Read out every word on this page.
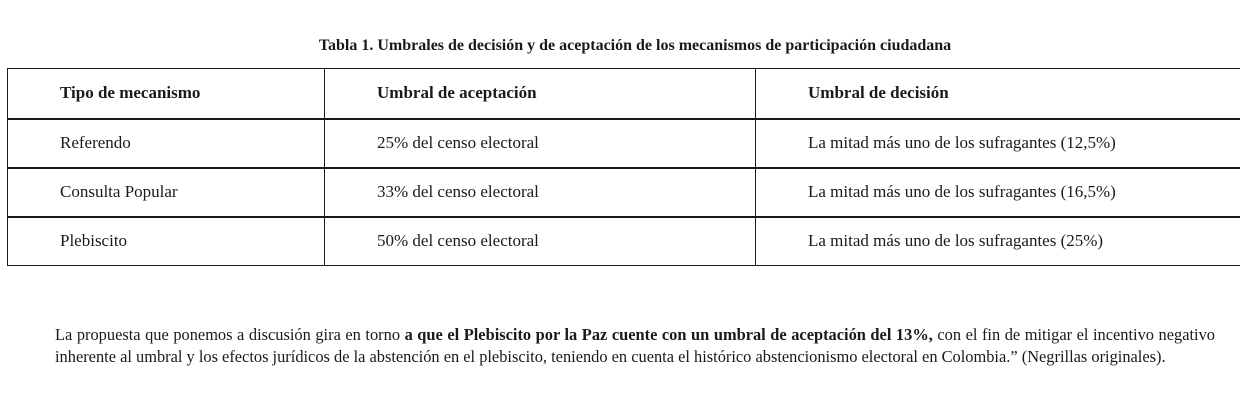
Tabla 1. Umbrales de decisión y de aceptación de los mecanismos de participación ciudadana
Tipo de mecanismo	Umbral de aceptación	Umbral de decisión
Referendo	25% del censo electoral	La mitad más uno de los sufragantes (12,5%)
Consulta Popular	33% del censo electoral	La mitad más uno de los sufragantes (16,5%)
Plebiscito	50% del censo electoral	La mitad más uno de los sufragantes (25%)

La propuesta que ponemos a discusión gira en torno a que el Plebiscito por la Paz cuente con un umbral de aceptación del 13%, con el fin de mitigar el incentivo negativo inherente al umbral y los efectos jurídicos de la abstención en el plebiscito, teniendo en cuenta el histórico abstencionismo electoral en Colombia.” (Negrillas originales).
